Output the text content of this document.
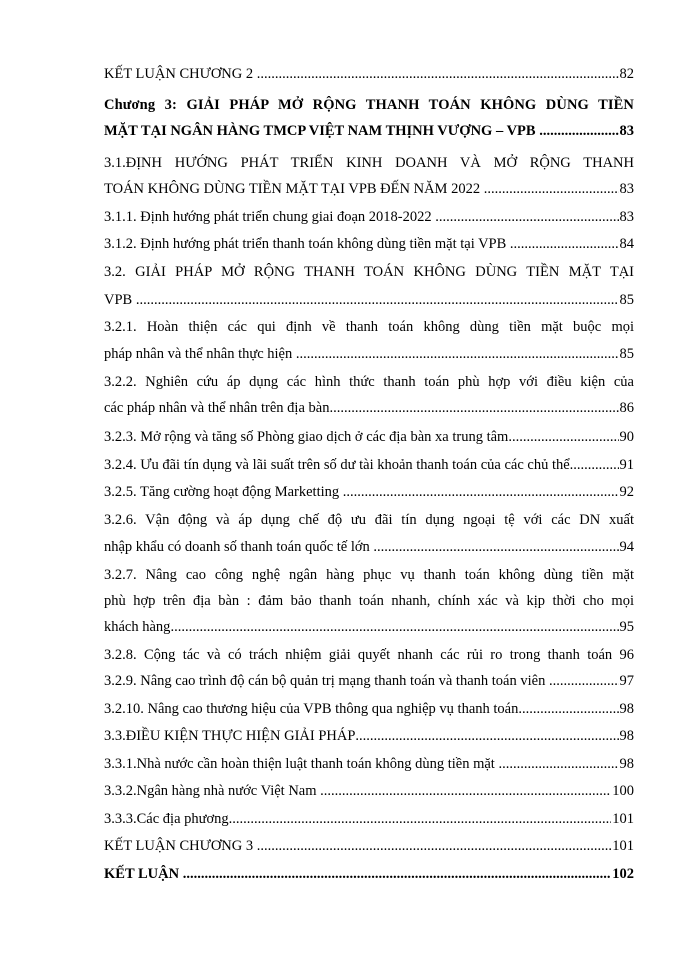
KẾT LUẬN CHƯƠNG 2 .....	82
Chương 3: GIẢI PHÁP MỞ RỘNG THANH TOÁN KHÔNG DÙNG TIỀN
MẶT TẠI NGÂN HÀNG TMCP VIỆT NAM THỊNH VƯỢNG – VPB .....	83
3.1.ĐỊNH HƯỚNG PHÁT TRIỂN KINH DOANH VÀ MỞ RỘNG THANH
TOÁN KHÔNG DÙNG TIỀN MẶT TẠI VPB ĐẾN NĂM 2022 .....	83
3.1.1. Định hướng phát triển chung giai đoạn 2018-2022 .....	83
3.1.2. Định hướng phát triển thanh toán không dùng tiền mặt tại VPB .....	84
3.2. GIẢI PHÁP MỞ RỘNG THANH TOÁN KHÔNG DÙNG TIỀN MẶT TẠI
VPB .....	85
3.2.1. Hoàn thiện các qui định về thanh toán không dùng tiền mặt buộc mọi
pháp nhân và thể nhân thực hiện .....	85
3.2.2. Nghiên cứu áp dụng các hình thức thanh toán phù hợp với điều kiện của
các pháp nhân và thể nhân trên địa bàn .....	86
3.2.3. Mở rộng và tăng số Phòng giao dịch ở các địa bàn xa trung tâm .....	90
3.2.4. Ưu đãi tín dụng và lãi suất trên số dư tài khoản thanh toán của các chủ thể .....	91
3.2.5. Tăng cường hoạt động Marketting .....	92
3.2.6. Vận động và áp dụng chế độ ưu đãi tín dụng ngoại tệ với các DN xuất
nhập khẩu có doanh số thanh toán quốc tế lớn .....	94
3.2.7. Nâng cao công nghệ ngân hàng phục vụ thanh toán không dùng tiền mặt
phù hợp trên địa bàn : đảm bảo thanh toán nhanh, chính xác và kịp thời cho mọi
khách hàng .....	95
3.2.8. Cộng tác và có trách nhiệm giải quyết nhanh các rủi ro trong thanh toán 96
3.2.9. Nâng cao trình độ cán bộ quản trị mạng thanh toán và thanh toán viên .....	97
3.2.10. Nâng cao thương hiệu của VPB thông qua nghiệp vụ thanh toán .....	98
3.3.ĐIỀU KIỆN THỰC HIỆN GIẢI PHÁP .....	98
3.3.1.Nhà nước cần hoàn thiện luật thanh toán không dùng tiền mặt .....	98
3.3.2.Ngân hàng nhà nước Việt Nam .....	100
3.3.3.Các địa phương .....	101
KẾT LUẬN CHƯƠNG 3 .....	101
KẾT LUẬN .....	102
